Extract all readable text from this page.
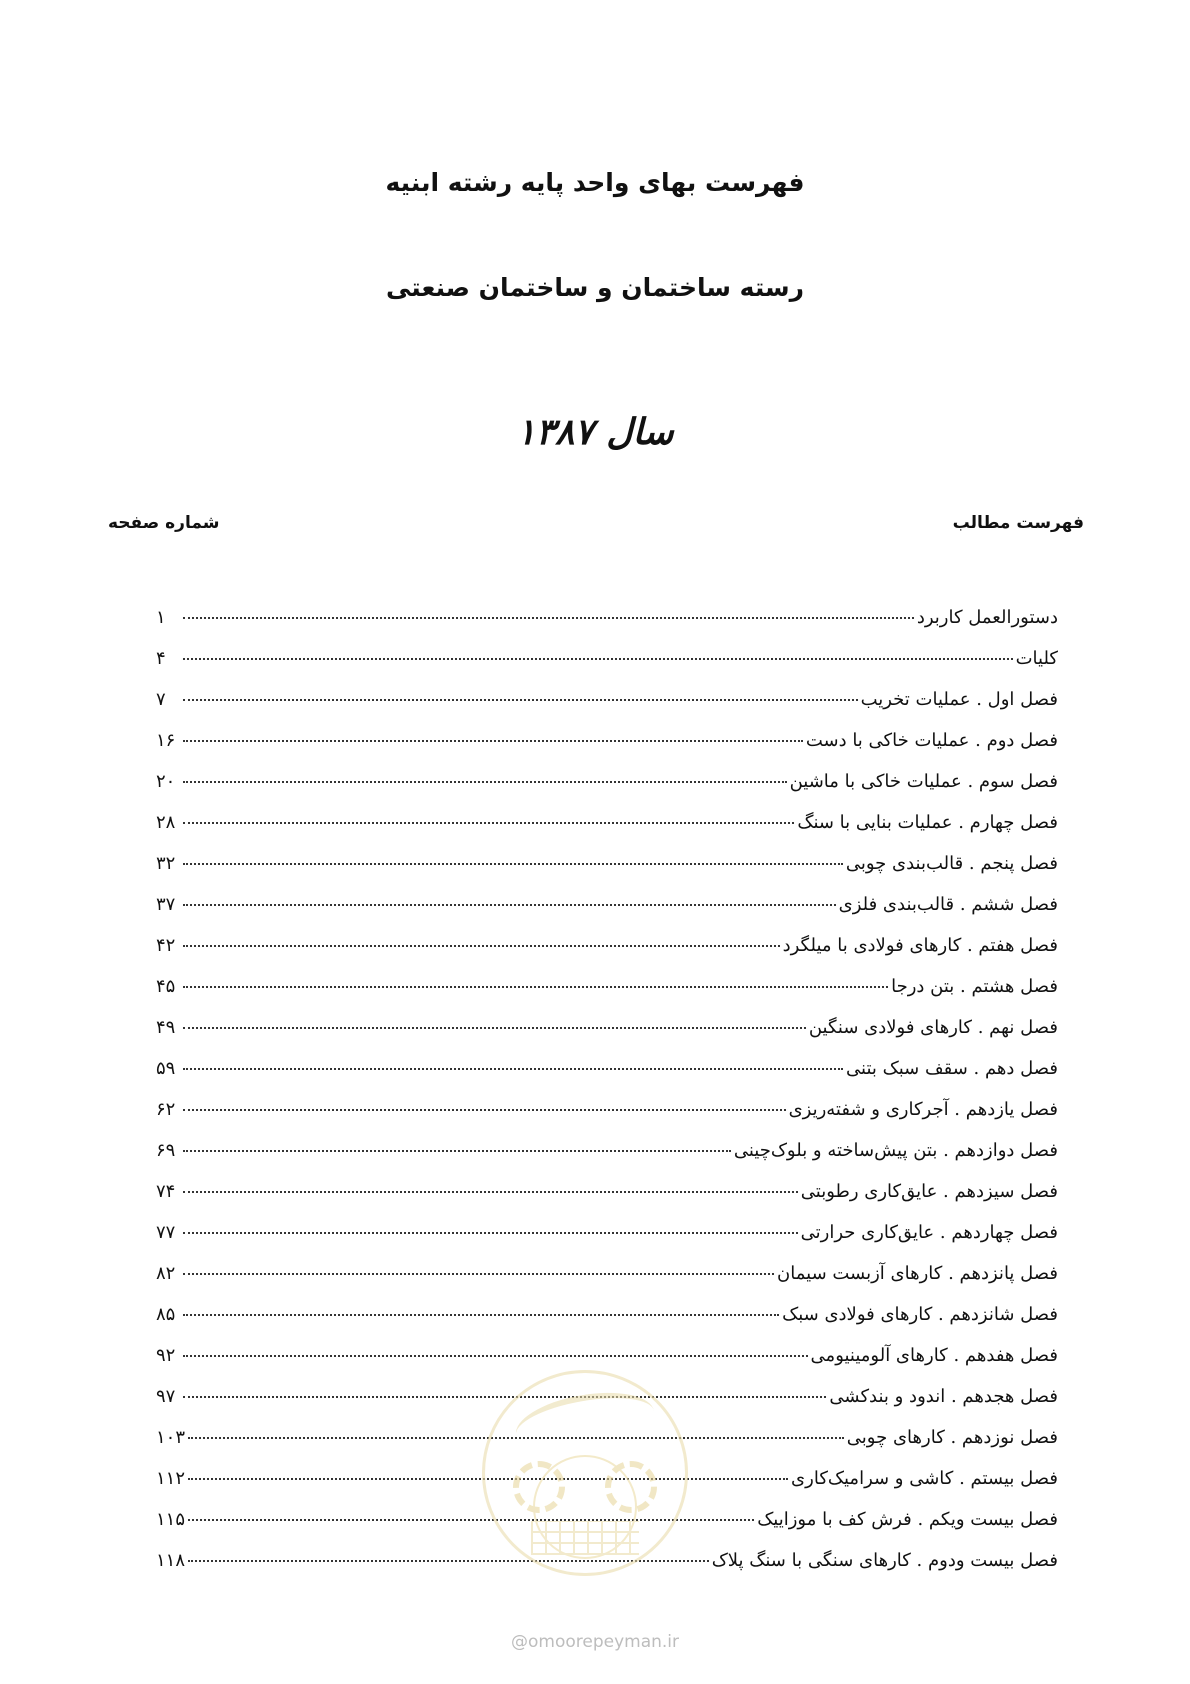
فهرست بهای واحد پایه رشته ابنیه
رسته ساختمان و ساختمان صنعتی
سال ۱۳۸۷
فهرست مطالب
شماره صفحه
دستورالعمل کاربرد
۱
کلیات
۴
فصل اول . عملیات تخریب
۷
فصل دوم . عملیات خاکی با دست
۱۶
فصل سوم . عملیات خاکی با ماشین
۲۰
فصل چهارم . عملیات بنایی با سنگ
۲۸
فصل پنجم . قالب‌بندی چوبی
۳۲
فصل ششم . قالب‌بندی فلزی
۳۷
فصل هفتم . کارهای فولادی با میلگرد
۴۲
فصل هشتم . بتن درجا
۴۵
فصل نهم . کارهای فولادی سنگین
۴۹
فصل دهم . سقف سبک بتنی
۵۹
فصل یازدهم . آجرکاری و شفته‌ریزی
۶۲
فصل دوازدهم . بتن پیش‌ساخته و بلوک‌چینی
۶۹
فصل سیزدهم . عایق‌کاری رطوبتی
۷۴
فصل چهاردهم . عایق‌کاری حرارتی
۷۷
فصل پانزدهم . کارهای آزبست سیمان
۸۲
فصل شانزدهم . کارهای فولادی سبک
۸۵
فصل هفدهم . کارهای آلومینیومی
۹۲
فصل هجدهم . اندود و بندکشی
۹۷
فصل نوزدهم . کارهای چوبی
۱۰۳
فصل بیستم . کاشی و سرامیک‌کاری
۱۱۲
فصل بیست ویکم . فرش کف با موزاییک
۱۱۵
فصل بیست ودوم . کارهای سنگی با سنگ پلاک
۱۱۸
@omoorepeyman.ir
